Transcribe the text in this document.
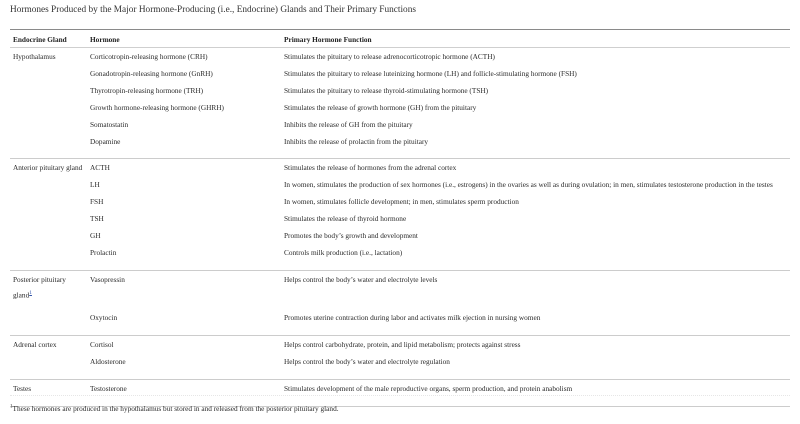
Hormones Produced by the Major Hormone-Producing (i.e., Endocrine) Glands and Their Primary Functions
Endocrine Gland	Hormone	Primary Hormone Function
Hypothalamus	Corticotropin-releasing hormone (CRH)	Stimulates the pituitary to release adrenocorticotropic hormone (ACTH)
	Gonadotropin-releasing hormone (GnRH)	Stimulates the pituitary to release luteinizing hormone (LH) and follicle-stimulating hormone (FSH)
	Thyrotropin-releasing hormone (TRH)	Stimulates the pituitary to release thyroid-stimulating hormone (TSH)
	Growth hormone-releasing hormone (GHRH)	Stimulates the release of growth hormone (GH) from the pituitary
	Somatostatin	Inhibits the release of GH from the pituitary
	Dopamine	Inhibits the release of prolactin from the pituitary
Anterior pituitary gland	ACTH	Stimulates the release of hormones from the adrenal cortex
	LH	In women, stimulates the production of sex hormones (i.e., estrogens) in the ovaries as well as during ovulation; in men, stimulates testosterone production in the testes
	FSH	In women, stimulates follicle development; in men, stimulates sperm production
	TSH	Stimulates the release of thyroid hormone
	GH	Promotes the body’s growth and development
	Prolactin	Controls milk production (i.e., lactation)
Posterior pituitary gland$^1$	Vasopressin	Helps control the body’s water and electrolyte levels
	Oxytocin	Promotes uterine contraction during labor and activates milk ejection in nursing women
Adrenal cortex	Cortisol	Helps control carbohydrate, protein, and lipid metabolism; protects against stress
	Aldosterone	Helps control the body’s water and electrolyte regulation
Testes	Testosterone	Stimulates development of the male reproductive organs, sperm production, and protein anabolism
$^1$These hormones are produced in the hypothalamus but stored in and released from the posterior pituitary gland.
